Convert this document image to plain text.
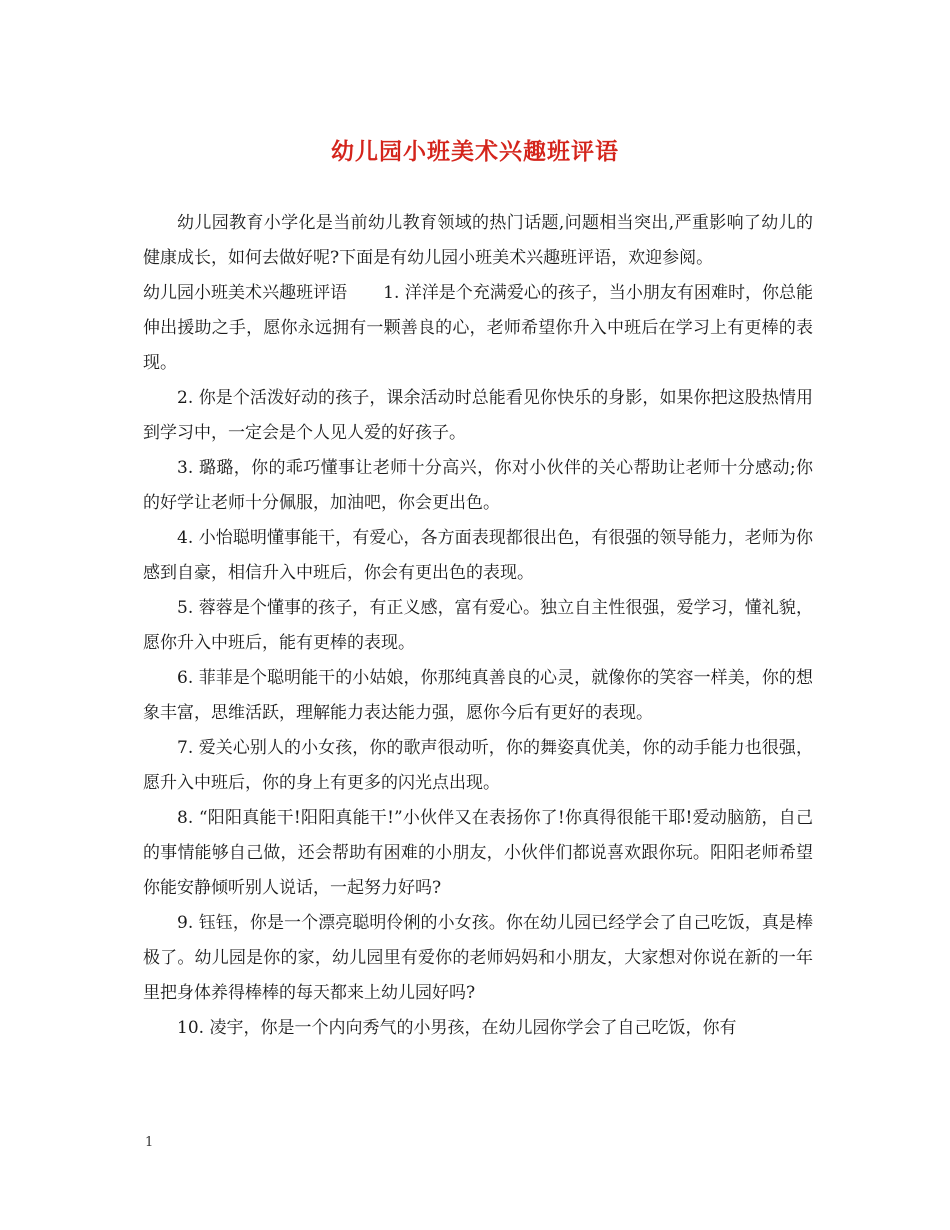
幼儿园小班美术兴趣班评语

幼儿园教育小学化是当前幼儿教育领域的热门话题,问题相当突出,严重影响了幼儿的健康成长，如何去做好呢?下面是有幼儿园小班美术兴趣班评语，欢迎参阅。

幼儿园小班美术兴趣班评语 1. 洋洋是个充满爱心的孩子，当小朋友有困难时，你总能伸出援助之手，愿你永远拥有一颗善良的心，老师希望你升入中班后在学习上有更棒的表现。

2. 你是个活泼好动的孩子，课余活动时总能看见你快乐的身影，如果你把这股热情用到学习中，一定会是个人见人爱的好孩子。

3. 璐璐，你的乖巧懂事让老师十分高兴，你对小伙伴的关心帮助让老师十分感动;你的好学让老师十分佩服，加油吧，你会更出色。

4. 小怡聪明懂事能干，有爱心，各方面表现都很出色，有很强的领导能力，老师为你感到自豪，相信升入中班后，你会有更出色的表现。

5. 蓉蓉是个懂事的孩子，有正义感，富有爱心。独立自主性很强，爱学习，懂礼貌，愿你升入中班后，能有更棒的表现。

6. 菲菲是个聪明能干的小姑娘，你那纯真善良的心灵，就像你的笑容一样美，你的想象丰富，思维活跃，理解能力表达能力强，愿你今后有更好的表现。

7. 爱关心别人的小女孩，你的歌声很动听，你的舞姿真优美，你的动手能力也很强，愿升入中班后，你的身上有更多的闪光点出现。

8. “阳阳真能干!阳阳真能干!”小伙伴又在表扬你了!你真得很能干耶!爱动脑筋，自己的事情能够自己做，还会帮助有困难的小朋友，小伙伴们都说喜欢跟你玩。阳阳老师希望你能安静倾听别人说话，一起努力好吗?

9. 钰钰，你是一个漂亮聪明伶俐的小女孩。你在幼儿园已经学会了自己吃饭，真是棒极了。幼儿园是你的家，幼儿园里有爱你的老师妈妈和小朋友，大家想对你说在新的一年里把身体养得棒棒的每天都来上幼儿园好吗?

10. 凌宇，你是一个内向秀气的小男孩，在幼儿园你学会了自己吃饭，你有

1
